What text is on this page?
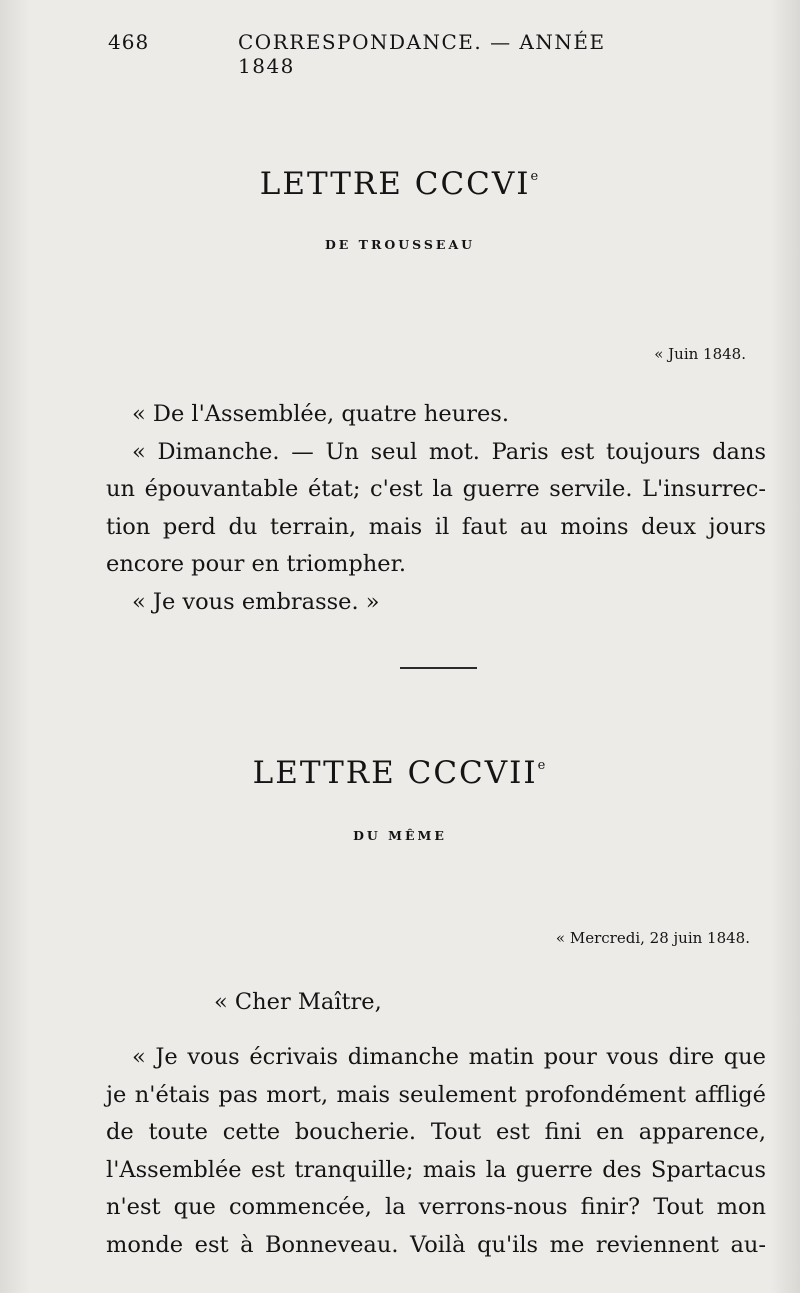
468	CORRESPONDANCE. — ANNÉE 1848
LETTRE CCCVIe
DE TROUSSEAU
« Juin 1848.
« De l'Assemblée, quatre heures.
« Dimanche. — Un seul mot. Paris est toujours dans
un épouvantable état; c'est la guerre servile. L'insurrec-
tion perd du terrain, mais il faut au moins deux jours
encore pour en triompher.
« Je vous embrasse. »
LETTRE CCCVIIe
DU MÊME
« Mercredi, 28 juin 1848.
« Cher Maître,
« Je vous écrivais dimanche matin pour vous dire que
je n'étais pas mort, mais seulement profondément affligé
de toute cette boucherie. Tout est fini en apparence,
l'Assemblée est tranquille; mais la guerre des Spartacus
n'est que commencée, la verrons-nous finir? Tout mon
monde est à Bonneveau. Voilà qu'ils me reviennent au-
